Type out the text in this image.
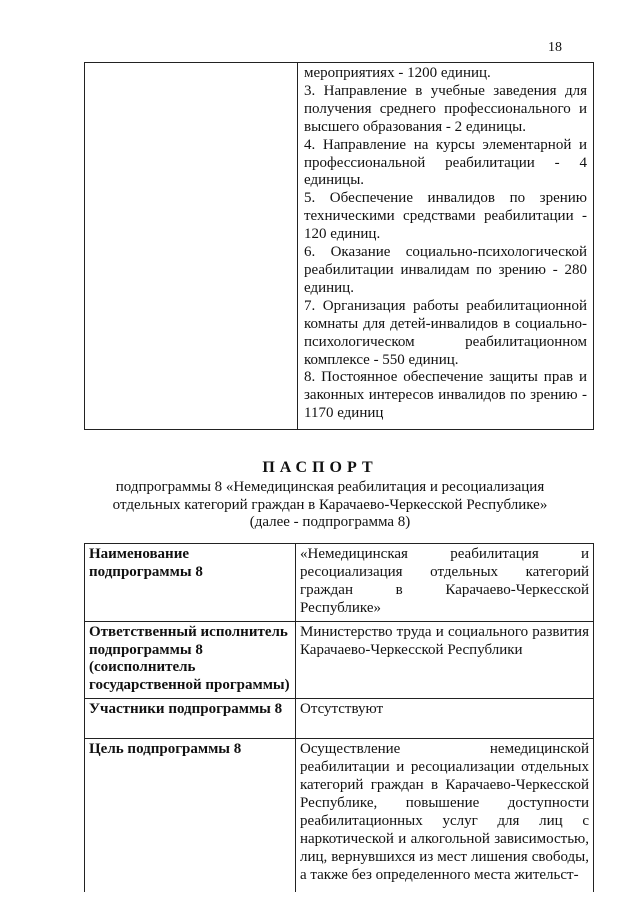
18

мероприятиях - 1200 единиц.

3. Направление в учебные заведения для получения среднего профессионального и высшего образования - 2 единицы.

4. Направление на курсы элементарной и профессиональной реабилитации - 4 единицы.

5. Обеспечение инвалидов по зрению техническими средствами реабилитации - 120 единиц.

6. Оказание социально-психологической реабилитации инвалидам по зрению - 280 единиц.

7. Организация работы реабилитационной комнаты для детей-инвалидов в социально-психологическом реабилитационном комплексе - 550 единиц.

8. Постоянное обеспечение защиты прав и законных интересов инвалидов по зрению - 1170 единиц

ПАСПОРТ
подпрограммы 8 «Немедицинская реабилитация и ресоциализация
отдельных категорий граждан в Карачаево-Черкесской Республике»
(далее - подпрограмма 8)
Наименование подпрограммы 8	«Немедицинская реабилитация и ресоциализация отдельных категорий граждан в Карачаево-Черкесской Республике»
Ответственный исполнитель подпрограммы 8 (соисполнитель государственной программы)	Министерство труда и социального развития Карачаево-Черкесской Республики
Участники подпрограммы 8	Отсутствуют
Цель подпрограммы 8	Осуществление немедицинской реабилитации и ресоциализации отдельных категорий граждан в Карачаево-Черкесской Республике, повышение доступности реабилитационных услуг для лиц с наркотической и алкогольной зависимостью, лиц, вернувшихся из мест лишения свободы, а также без определенного места жительст-
